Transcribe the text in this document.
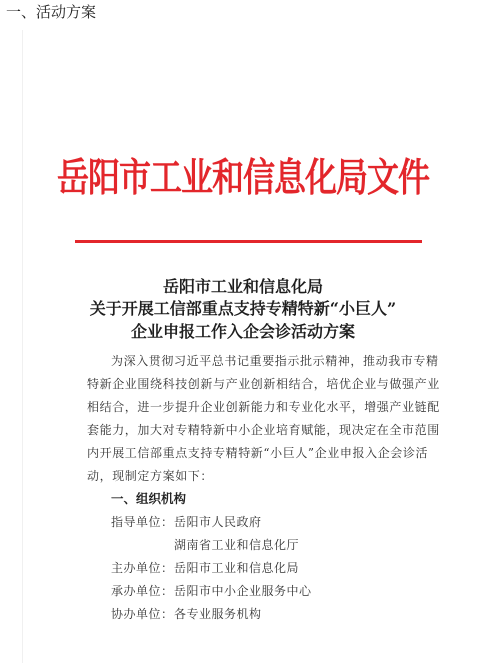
一、活动方案
岳阳市工业和信息化局文件
岳阳市工业和信息化局
关于开展工信部重点支持专精特新“小巨人”
企业申报工作入企会诊活动方案
为深入贯彻习近平总书记重要指示批示精神，推动我市专精
特新企业围绕科技创新与产业创新相结合，培优企业与做强产业
相结合，进一步提升企业创新能力和专业化水平，增强产业链配
套能力，加大对专精特新中小企业培育赋能，现决定在全市范围
内开展工信部重点支持专精特新“小巨人”企业申报入企会诊活
动，现制定方案如下：
一、组织机构
指导单位： 岳阳市人民政府
湖南省工业和信息化厅
主办单位： 岳阳市工业和信息化局
承办单位： 岳阳市中小企业服务中心
协办单位： 各专业服务机构
